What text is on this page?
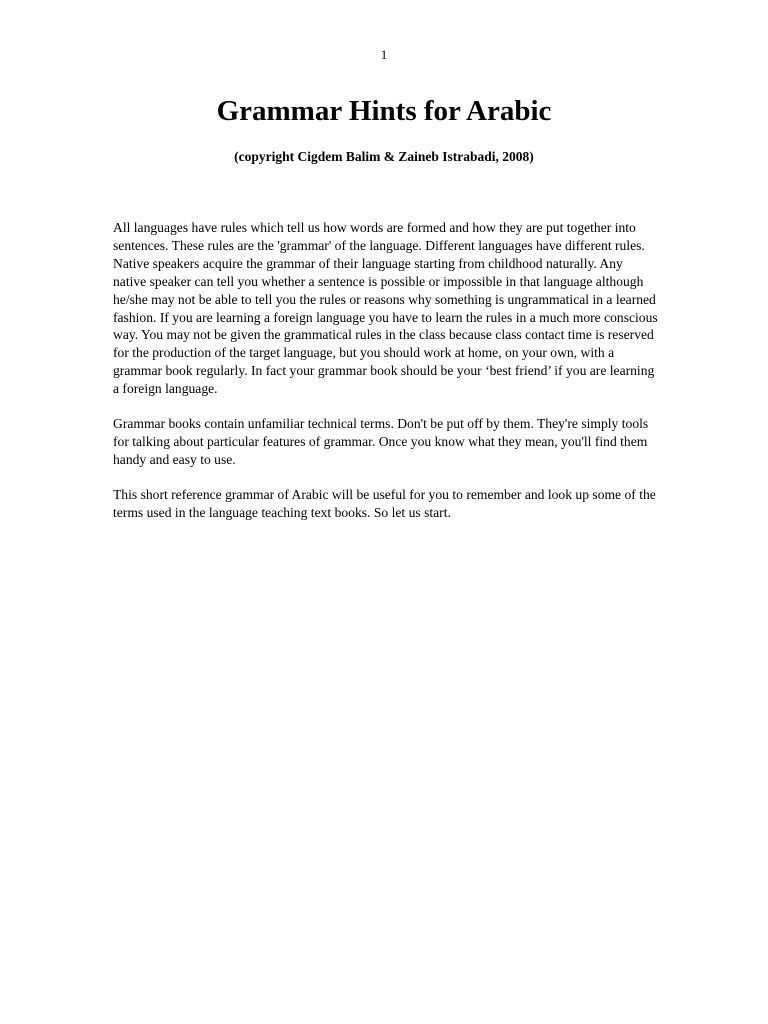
1
Grammar Hints for Arabic

(copyright Cigdem Balim & Zaineb Istrabadi, 2008)

All languages have rules which tell us how words are formed and how they are put together into sentences. These rules are the 'grammar' of the language. Different languages have different rules. Native speakers acquire the grammar of their language starting from childhood naturally. Any native speaker can tell you whether a sentence is possible or impossible in that language although he/she may not be able to tell you the rules or reasons why something is ungrammatical in a learned fashion. If you are learning a foreign language you have to learn the rules in a much more conscious way. You may not be given the grammatical rules in the class because class contact time is reserved for the production of the target language, but you should work at home, on your own, with a grammar book regularly. In fact your grammar book should be your ‘best friend’ if you are learning a foreign language.

Grammar books contain unfamiliar technical terms. Don't be put off by them. They're simply tools for talking about particular features of grammar. Once you know what they mean, you'll find them handy and easy to use.

This short reference grammar of Arabic will be useful for you to remember and look up some of the terms used in the language teaching text books. So let us start.
